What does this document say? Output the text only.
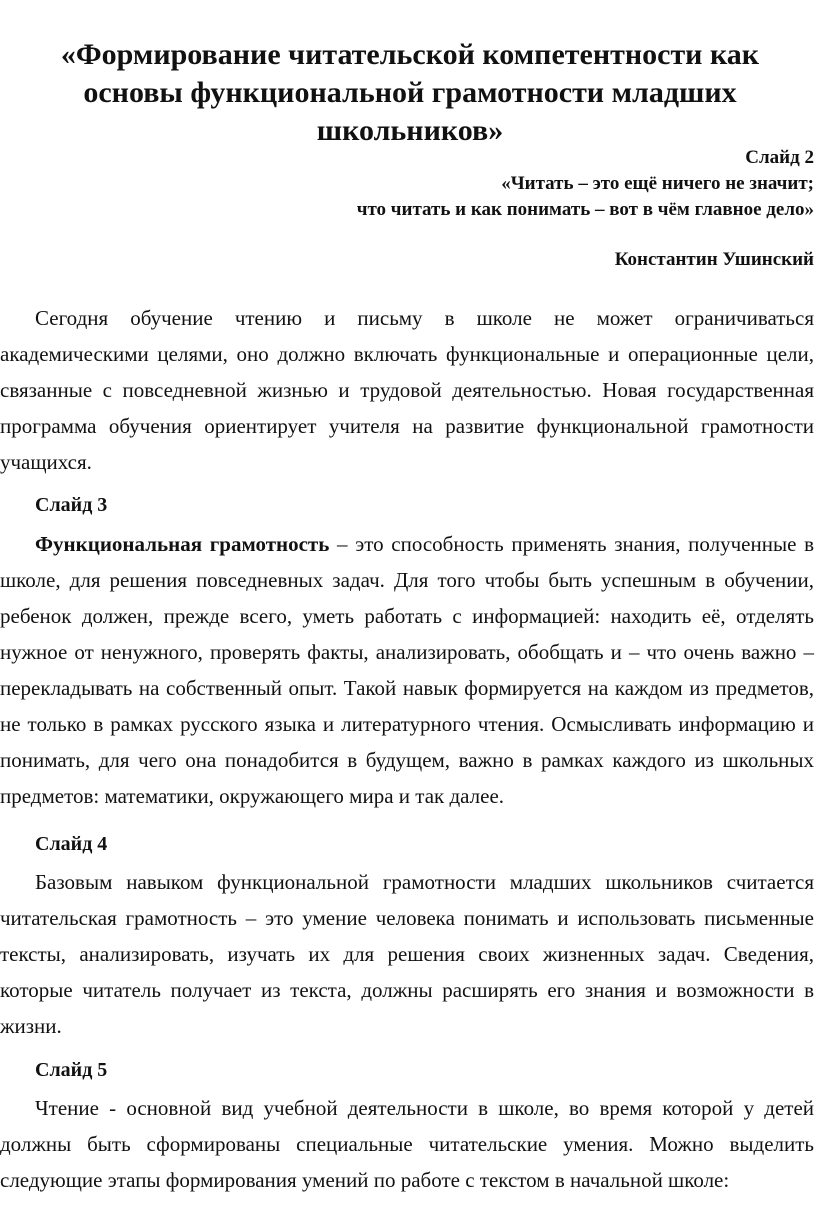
«Формирование читательской компетентности как основы функциональной грамотности младших школьников»
Слайд 2
«Читать – это ещё ничего не значит;
что читать и как понимать – вот в чём главное дело»
Константин Ушинский
Сегодня обучение чтению и письму в школе не может ограничиваться академическими целями, оно должно включать функциональные и операционные цели, связанные с повседневной жизнью и трудовой деятельностью. Новая государственная программа обучения ориентирует учителя на развитие функциональной грамотности учащихся.
Слайд 3
Функциональная грамотность – это способность применять знания, полученные в школе, для решения повседневных задач. Для того чтобы быть успешным в обучении, ребенок должен, прежде всего, уметь работать с информацией: находить её, отделять нужное от ненужного, проверять факты, анализировать, обобщать и – что очень важно – перекладывать на собственный опыт. Такой навык формируется на каждом из предметов, не только в рамках русского языка и литературного чтения. Осмысливать информацию и понимать, для чего она понадобится в будущем, важно в рамках каждого из школьных предметов: математики, окружающего мира и так далее.
Слайд 4
Базовым навыком функциональной грамотности младших школьников считается читательская грамотность – это умение человека понимать и использовать письменные тексты, анализировать, изучать их для решения своих жизненных задач. Сведения, которые читатель получает из текста, должны расширять его знания и возможности в жизни.
Слайд 5
Чтение - основной вид учебной деятельности в школе, во время которой у детей должны быть сформированы специальные читательские умения. Можно выделить следующие этапы формирования умений по работе с текстом в начальной школе:
